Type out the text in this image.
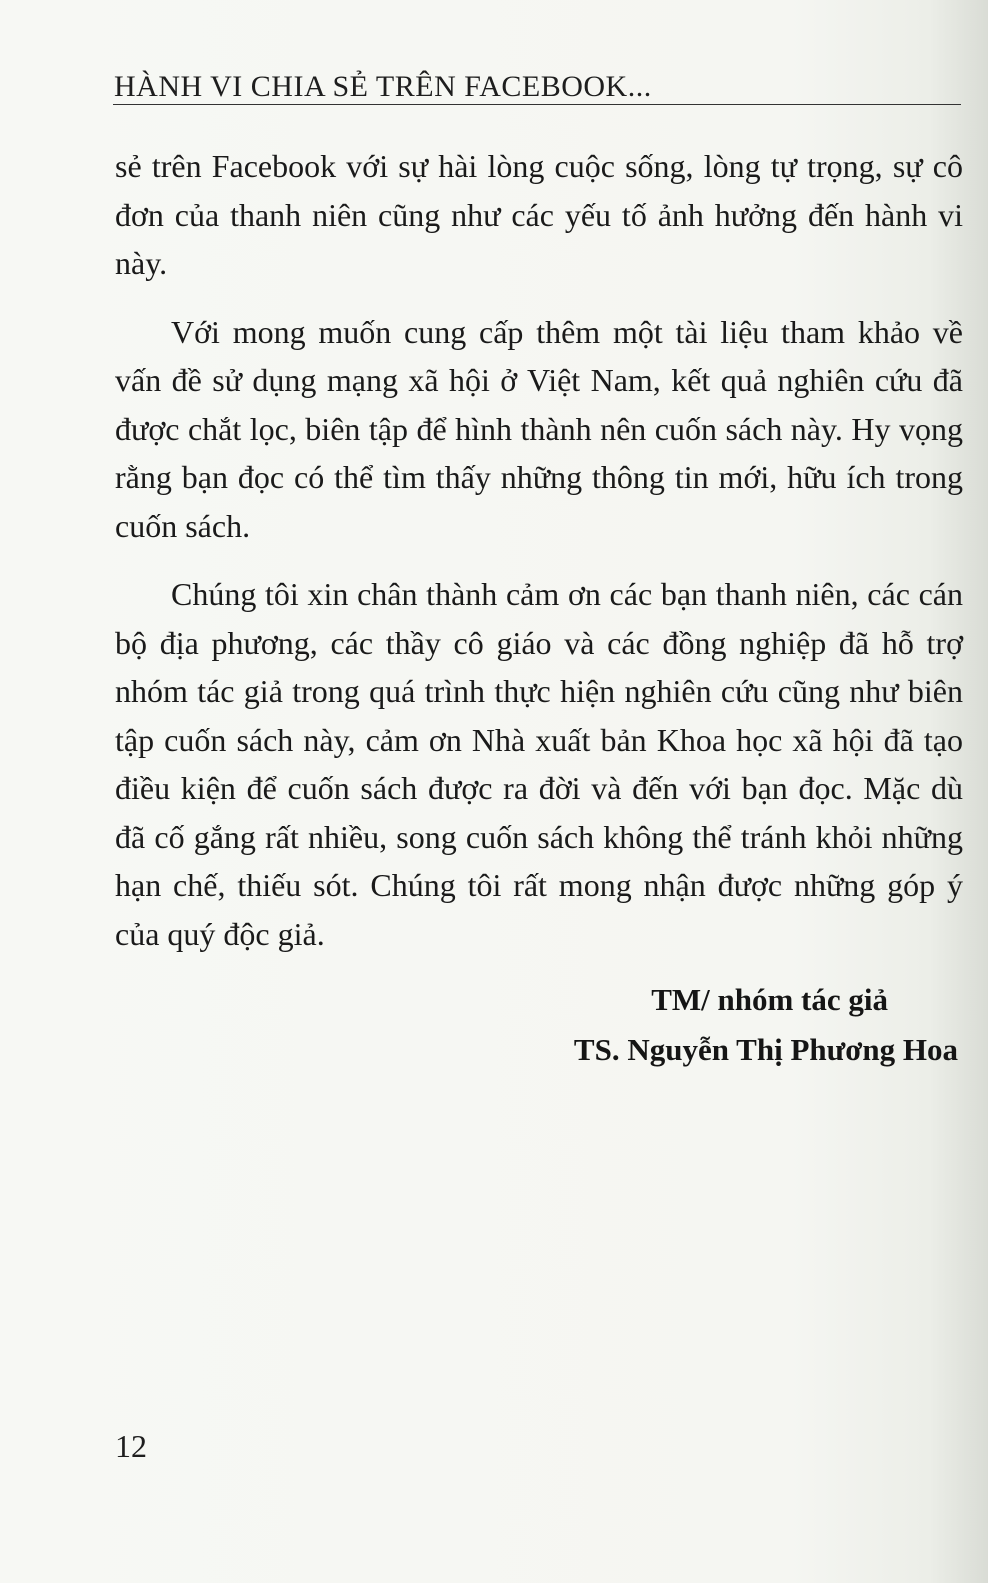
HÀNH VI CHIA SẺ TRÊN FACEBOOK...

sẻ trên Facebook với sự hài lòng cuộc sống, lòng tự trọng, sự cô đơn của thanh niên cũng như các yếu tố ảnh hưởng đến hành vi này.

Với mong muốn cung cấp thêm một tài liệu tham khảo về vấn đề sử dụng mạng xã hội ở Việt Nam, kết quả nghiên cứu đã được chắt lọc, biên tập để hình thành nên cuốn sách này. Hy vọng rằng bạn đọc có thể tìm thấy những thông tin mới, hữu ích trong cuốn sách.

Chúng tôi xin chân thành cảm ơn các bạn thanh niên, các cán bộ địa phương, các thầy cô giáo và các đồng nghiệp đã hỗ trợ nhóm tác giả trong quá trình thực hiện nghiên cứu cũng như biên tập cuốn sách này, cảm ơn Nhà xuất bản Khoa học xã hội đã tạo điều kiện để cuốn sách được ra đời và đến với bạn đọc. Mặc dù đã cố gắng rất nhiều, song cuốn sách không thể tránh khỏi những hạn chế, thiếu sót. Chúng tôi rất mong nhận được những góp ý của quý độc giả.

TM/ nhóm tác giả
TS. Nguyễn Thị Phương Hoa
12
